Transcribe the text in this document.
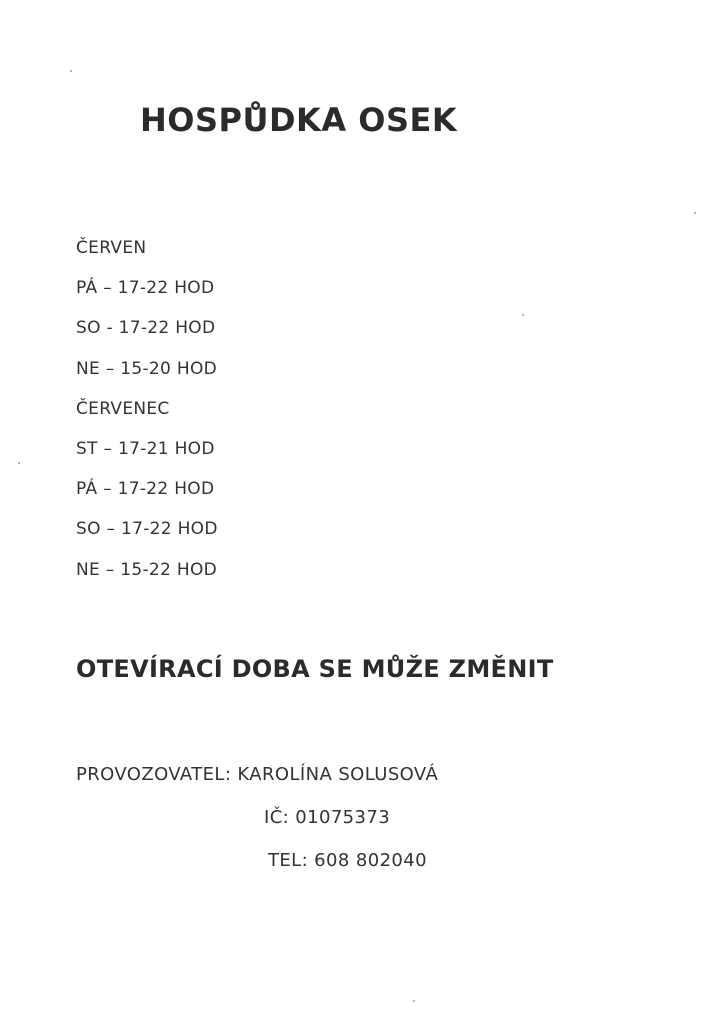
HOSPŮDKA OSEK
ČERVEN
PÁ – 17-22 HOD
SO - 17-22 HOD
NE – 15-20 HOD
ČERVENEC
ST – 17-21 HOD
PÁ – 17-22 HOD
SO – 17-22 HOD
NE – 15-22 HOD
OTEVÍRACÍ DOBA SE MŮŽE ZMĚNIT
PROVOZOVATEL: KAROLÍNA SOLUSOVÁ
IČ: 01075373
TEL: 608 802040
